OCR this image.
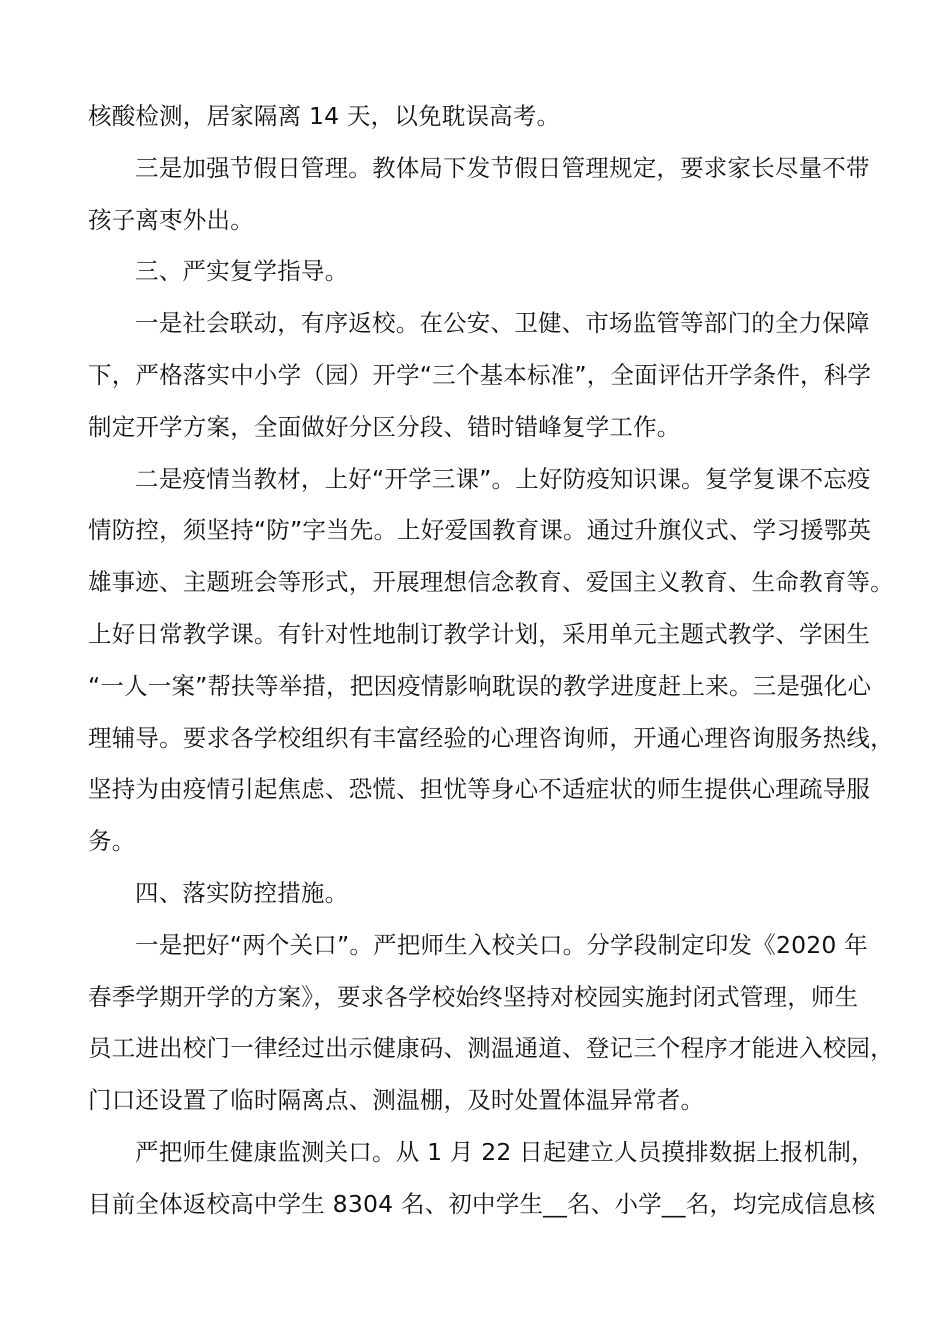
核酸检测，居家隔离 14 天，以免耽误高考。
三是加强节假日管理。教体局下发节假日管理规定，要求家长尽量不带
孩子离枣外出。
三、严实复学指导。
一是社会联动，有序返校。在公安、卫健、市场监管等部门的全力保障
下，严格落实中小学（园）开学“三个基本标准”，全面评估开学条件，科学
制定开学方案，全面做好分区分段、错时错峰复学工作。
二是疫情当教材，上好“开学三课”。上好防疫知识课。复学复课不忘疫
情防控，须坚持“防”字当先。上好爱国教育课。通过升旗仪式、学习援鄂英
雄事迹、主题班会等形式，开展理想信念教育、爱国主义教育、生命教育等。
上好日常教学课。有针对性地制订教学计划，采用单元主题式教学、学困生
“一人一案”帮扶等举措，把因疫情影响耽误的教学进度赶上来。三是强化心
理辅导。要求各学校组织有丰富经验的心理咨询师，开通心理咨询服务热线，
坚持为由疫情引起焦虑、恐慌、担忧等身心不适症状的师生提供心理疏导服
务。
四、落实防控措施。
一是把好“两个关口”。严把师生入校关口。分学段制定印发《2020 年
春季学期开学的方案》，要求各学校始终坚持对校园实施封闭式管理，师生
员工进出校门一律经过出示健康码、测温通道、登记三个程序才能进入校园，
门口还设置了临时隔离点、测温棚，及时处置体温异常者。
严把师生健康监测关口。从 1 月 22 日起建立人员摸排数据上报机制，
目前全体返校高中学生 8304 名、初中学生__名、小学__名，均完成信息核
